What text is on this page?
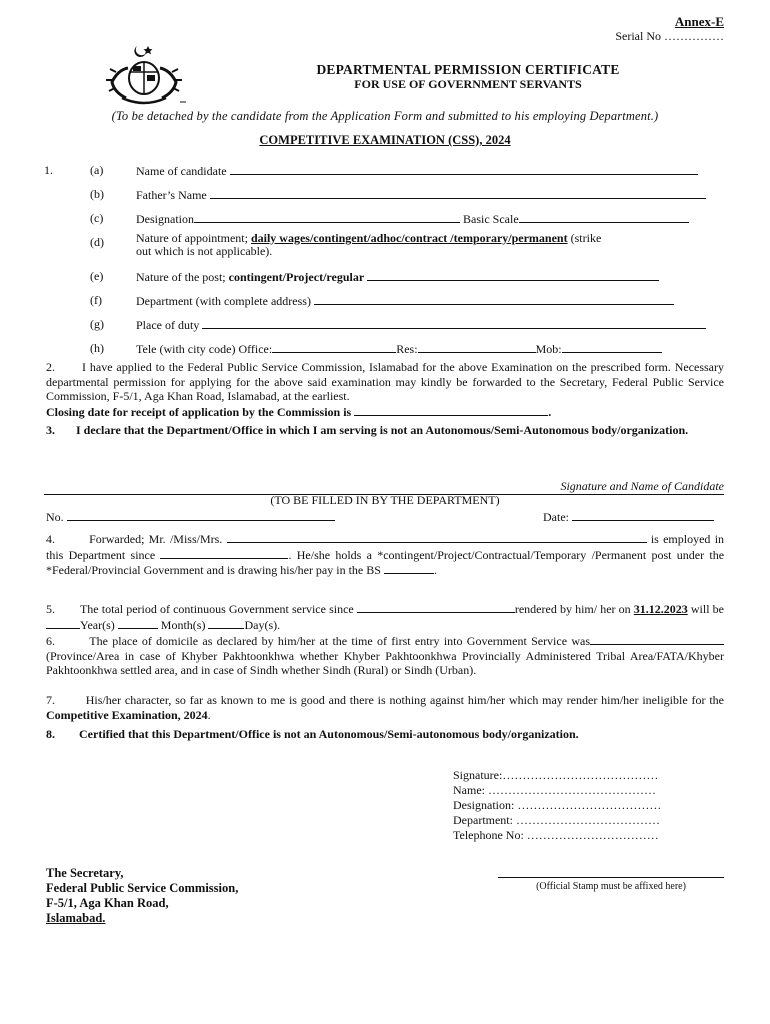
Annex-E
Serial No ……………
DEPARTMENTAL PERMISSION CERTIFICATE
FOR USE OF GOVERNMENT SERVANTS
(To be detached by the candidate from the Application Form and submitted to his employing Department.)
COMPETITIVE EXAMINATION (CSS), 2024
1.	(a)	Name of candidate
(b)	Father’s Name
(c)	Designation	Basic Scale
(d)	Nature of appointment; daily wages/contingent/adhoc/contract /temporary/permanent (strike
out which is not applicable).
(e)	Nature of the post; contingent/Project/regular
(f)	Department (with complete address)
(g)	Place of duty
(h)	Tele (with city code) Office:	Res:	Mob:
2. I have applied to the Federal Public Service Commission, Islamabad for the above Examination on the prescribed form. Necessary departmental permission for applying for the above said examination may kindly be forwarded to the Secretary, Federal Public Service Commission, F-5/1, Aga Khan Road, Islamabad, at the earliest.
Closing date for receipt of application by the Commission is	.
3. I declare that the Department/Office in which I am serving is not an Autonomous/Semi-Autonomous body/organization.
Signature and Name of Candidate
(TO BE FILLED IN BY THE DEPARTMENT)
No.	Date:
4.	Forwarded; Mr. /Miss/Mrs.	is employed in this Department since	. He/she holds a *contingent/Project/Contractual/Temporary /Permanent post under the *Federal/Provincial Government and is drawing his/her pay in the BS	.
5. The total period of continuous Government service since	rendered by him/ her on 31.12.2023 will be Year(s)	Month(s)	Day(s).
6.	The place of domicile as declared by him/her at the time of first entry into Government Service was (Province/Area in case of Khyber Pakhtoonkhwa whether Khyber Pakhtoonkhwa Provincially Administered Tribal Area/FATA/Khyber Pakhtoonkhwa settled area, and in case of Sindh whether Sindh (Rural) or Sindh (Urban).
7.	His/her character, so far as known to me is good and there is nothing against him/her which may render him/her ineligible for the Competitive Examination, 2024.
8. Certified that this Department/Office is not an Autonomous/Semi-autonomous body/organization.
Signature:…………………………………
Name: ……………………………………
Designation: ………………………………
Department: ………………………………
Telephone No: ……………………………
The Secretary,
Federal Public Service Commission,
F-5/1, Aga Khan Road,
Islamabad.
(Official Stamp must be affixed here)
